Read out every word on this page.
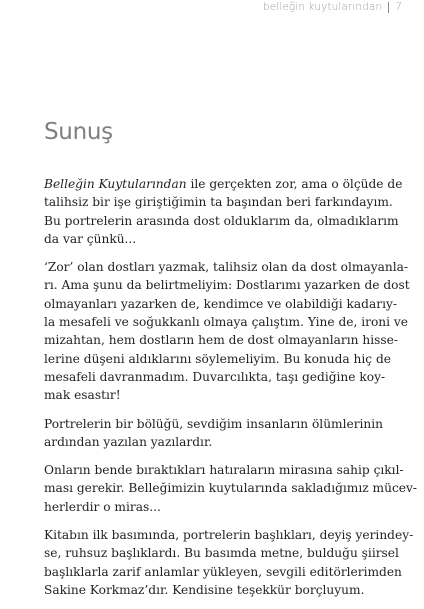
belleğin kuytularından 7
Sunuş

Belleğin Kuytularından ile gerçekten zor, ama o ölçüde de
talihsiz bir işe giriştiğimin ta başından beri farkındayım.
Bu portrelerin arasında dost olduklarım da, olmadıklarım
da var çünkü...

‘Zor’ olan dostları yazmak, talihsiz olan da dost olmayanla-
rı. Ama şunu da belirtmeliyim: Dostlarımı yazarken de dost
olmayanları yazarken de, kendimce ve olabildiği kadarıy-
la mesafeli ve soğukkanlı olmaya çalıştım. Yine de, ironi ve
mizahtan, hem dostların hem de dost olmayanların hisse-
lerine düşeni aldıklarını söylemeliyim. Bu konuda hiç de
mesafeli davranmadım. Duvarcılıkta, taşı gediğine koy-
mak esastır!

Portrelerin bir bölüğü, sevdiğim insanların ölümlerinin
ardından yazılan yazılardır.

Onların bende bıraktıkları hatıraların mirasına sahip çıkıl-
ması gerekir. Belleğimizin kuytularında sakladığımız mücev-
herlerdir o miras...

Kitabın ilk basımında, portrelerin başlıkları, deyiş yerindey-
se, ruhsuz başlıklardı. Bu basımda metne, bulduğu şiirsel
başlıklarla zarif anlamlar yükleyen, sevgili editörlerimden
Sakine Korkmaz’dır. Kendisine teşekkür borçluyum.
